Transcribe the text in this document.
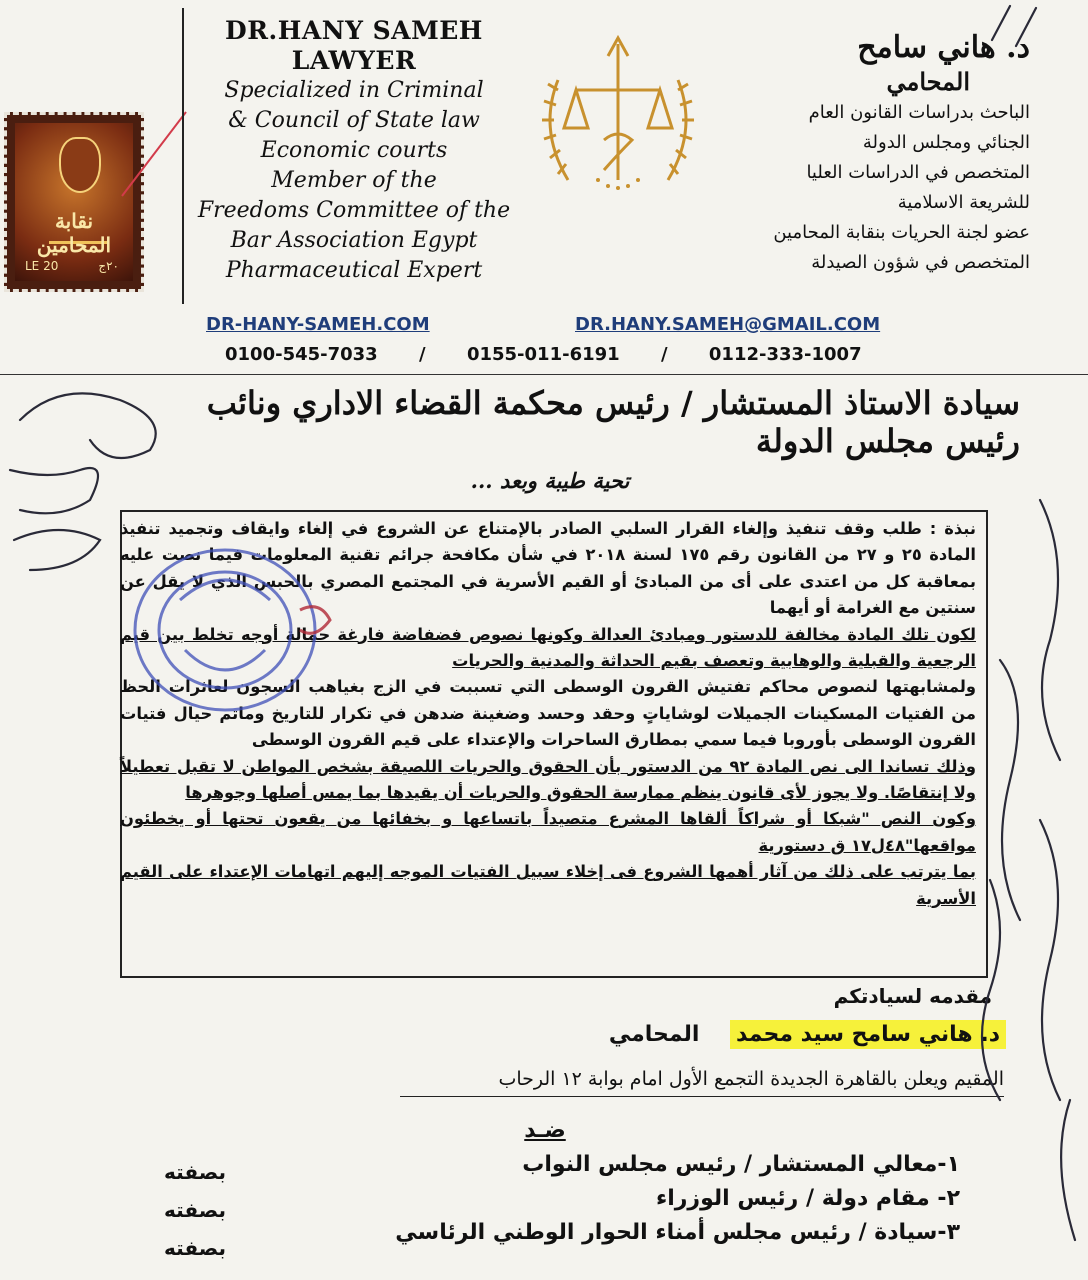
نقابة المحامين
LE 20	٢٠ج
DR.HANY SAMEH
LAWYER
Specialized in Criminal
& Council of State law
Economic courts
Member of the
Freedoms Committee of the
Bar Association Egypt
Pharmaceutical Expert
د. هاني سامح
المحامي
الباحث بدراسات القانون العام
الجنائي ومجلس الدولة
المتخصص في الدراسات العليا
للشريعة الاسلامية
عضو لجنة الحريات بنقابة المحامين
المتخصص في شؤون الصيدلة
DR-HANY-SAMEH.COM	DR.HANY.SAMEH@GMAIL.COM
0100-545-7033     /     0155-011-6191     /     0112-333-1007
سيادة الاستاذ المستشار / رئيس محكمة القضاء الاداري ونائب رئيس مجلس الدولة
تحية طيبة وبعد ...

نبذة : طلب وقف تنفيذ وإلغاء القرار السلبي الصادر بالإمتناع عن الشروع في إلغاء وايقاف وتجميد تنفيذ المادة ٢٥ و ٢٧ من القانون رقم ١٧٥ لسنة ٢٠١٨ في شأن مكافحة جرائم تقنية المعلومات فيما نصت عليه بمعاقبة كل من اعتدى على أى من المبادئ أو القيم الأسرية في المجتمع المصري بالحبس الذي لا يقل عن سنتين مع الغرامة أو أيهما

لكون تلك المادة مخالفة للدستور ومبادئ العدالة وكونها نصوص فضفاضة فارغة حمالة أوجه تخلط بين قيم الرجعية والقبلية والوهابية وتعصف بقيم الحداثة والمدنية والحريات

ولمشابهتها لنصوص محاكم تفتيش القرون الوسطى التي تسببت في الزج بغياهب السجون لعاثرات الحظ من الفتيات المسكينات الجميلات لوشاياتٍ وحقد وحسد وضغينة ضدهن في تكرار للتاريخ وماتم حيال فتيات القرون الوسطى بأوروبا فيما سمي بمطارق الساحرات والإعتداء على قيم القرون الوسطى

وذلك تساندا الى نص المادة ٩٢ من الدستور بأن الحقوق والحريات اللصيقة بشخص المواطن لا تقبل تعطيلاً ولا إنتقاصًا. ولا يجوز لأى قانون ينظم ممارسة الحقوق والحريات أن يقيدها بما يمس أصلها وجوهرها

وكون النص "شبكا أو شراكاً ألقاها المشرع متصيداً باتساعها و بخفائها من يقعون تحتها أو يخطئون مواقعها"٤٨ل١٧ ق دستورية

بما يترتب على ذلك من آثار أهمها الشروع فى إخلاء سبيل الفتيات الموجه إليهم اتهامات الإعتداء على القيم الأسرية

مقدمه لسيادتكم
د. هاني سامح سيد محمد    المحامي
المقيم ويعلن بالقاهرة الجديدة التجمع الأول امام بوابة ١٢ الرحاب
ضـد
١-معالي المستشار / رئيس مجلس النواب
٢- مقام دولة / رئيس الوزراء
٣-سيادة / رئيس مجلس أمناء الحوار الوطني الرئاسي
بصفته
بصفته
بصفته
